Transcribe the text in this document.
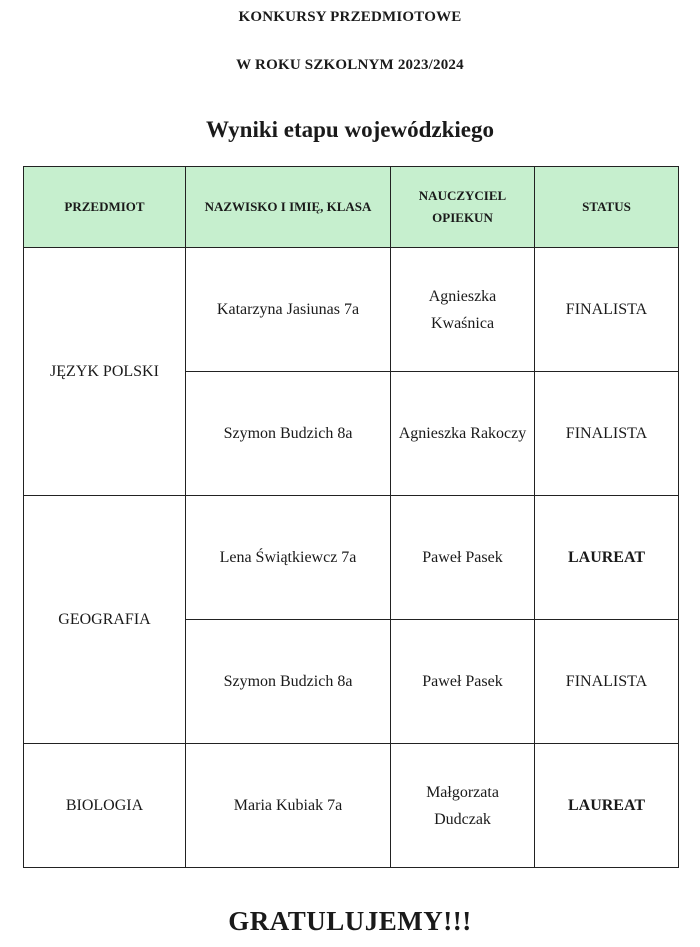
KONKURSY PRZEDMIOTOWE
W ROKU SZKOLNYM 2023/2024
Wyniki etapu wojewódzkiego
PRZEDMIOT	NAZWISKO I IMIĘ, KLASA	NAUCZYCIEL OPIEKUN	STATUS
JĘZYK POLSKI	Katarzyna Jasiunas 7a	Agnieszka Kwaśnica	FINALISTA
	Szymon Budzich 8a	Agnieszka Rakoczy	FINALISTA
GEOGRAFIA	Lena Świątkiewcz 7a	Paweł Pasek	LAUREAT
	Szymon Budzich 8a	Paweł Pasek	FINALISTA
BIOLOGIA	Maria Kubiak 7a	Małgorzata Dudczak	LAUREAT
GRATULUJEMY!!!
